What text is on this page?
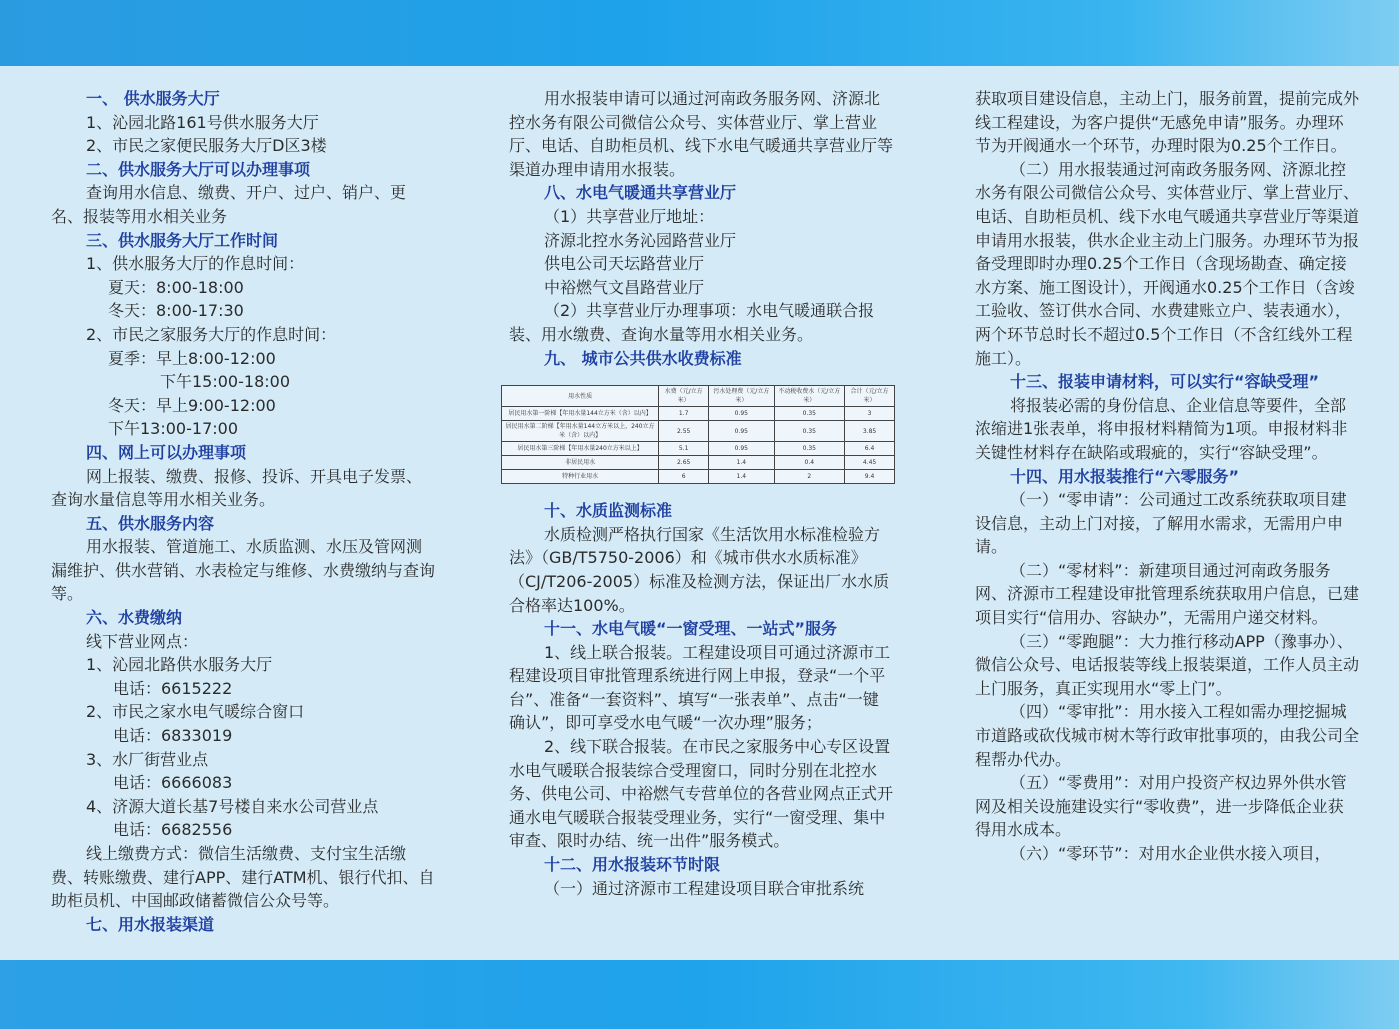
一、 供水服务大厅

1、沁园北路161号供水服务大厅

2、市民之家便民服务大厅D区3楼

二、供水服务大厅可以办理事项

查询用水信息、缴费、开户、过户、销户、更名、报装等用水相关业务

三、供水服务大厅工作时间

1、供水服务大厅的作息时间：

夏天：8:00-18:00

冬天：8:00-17:30

2、市民之家服务大厅的作息时间：

夏季：早上8:00-12:00

下午15:00-18:00

冬天：早上9:00-12:00

下午13:00-17:00

四、网上可以办理事项

网上报装、缴费、报修、投诉、开具电子发票、查询水量信息等用水相关业务。

五、供水服务内容

用水报装、管道施工、水质监测、水压及管网测漏维护、供水营销、水表检定与维修、水费缴纳与查询等。

六、水费缴纳

线下营业网点：

1、沁园北路供水服务大厅

电话：6615222

2、市民之家水电气暖综合窗口

电话：6833019

3、水厂街营业点

电话：6666083

4、济源大道长基7号楼自来水公司营业点

电话：6682556

线上缴费方式：微信生活缴费、支付宝生活缴费、转账缴费、建行APP、建行ATM机、银行代扣、自助柜员机、中国邮政储蓄微信公众号等。

七、用水报装渠道

用水报装申请可以通过河南政务服务网、济源北控水务有限公司微信公众号、实体营业厅、掌上营业厅、电话、自助柜员机、线下水电气暖通共享营业厅等渠道办理申请用水报装。

八、水电气暖通共享营业厅

（1）共享营业厅地址：

济源北控水务沁园路营业厅

供电公司天坛路营业厅

中裕燃气文昌路营业厅

（2）共享营业厅办理事项：水电气暖通联合报装、用水缴费、查询水量等用水相关业务。

九、 城市公共供水收费标准

用水性质	水费（元/立方米）	污水处理费（元/立方米）	不动税收费水（元/立方米）	合计（元/立方米）
居民用水第一阶梯【年用水量144立方米（含）以内】	1.7	0.95	0.35	3
居民用水第二阶梯【年用水量144立方米以上，240立方米（含）以内】	2.55	0.95	0.35	3.85
居民用水第三阶梯【年用水量240立方米以上】	5.1	0.95	0.35	6.4
非居民用水	2.65	1.4	0.4	4.45
特种行业用水	6	1.4	2	9.4

十、水质监测标准

水质检测严格执行国家《生活饮用水标准检验方法》（GB/T5750-2006）和《城市供水水质标准》（CJ/T206-2005）标准及检测方法，保证出厂水水质合格率达100%。

十一、水电气暖“一窗受理、一站式”服务

1、线上联合报装。工程建设项目可通过济源市工程建设项目审批管理系统进行网上申报，登录“一个平台”、准备“一套资料”、填写“一张表单”、点击“一键确认”，即可享受水电气暖“一次办理”服务；

2、线下联合报装。在市民之家服务中心专区设置水电气暖联合报装综合受理窗口，同时分别在北控水务、供电公司、中裕燃气专营单位的各营业网点正式开通水电气暖联合报装受理业务，实行“一窗受理、集中审查、限时办结、统一出件”服务模式。

十二、用水报装环节时限

（一）通过济源市工程建设项目联合审批系统

获取项目建设信息，主动上门，服务前置，提前完成外线工程建设，为客户提供“无感免申请”服务。办理环节为开阀通水一个环节，办理时限为0.25个工作日。

（二）用水报装通过河南政务服务网、济源北控水务有限公司微信公众号、实体营业厅、掌上营业厅、电话、自助柜员机、线下水电气暖通共享营业厅等渠道申请用水报装，供水企业主动上门服务。办理环节为报备受理即时办理0.25个工作日（含现场勘查、确定接水方案、施工图设计），开阀通水0.25个工作日（含竣工验收、签订供水合同、水费建账立户、装表通水），两个环节总时长不超过0.5个工作日（不含红线外工程施工）。

十三、报装申请材料，可以实行“容缺受理”

将报装必需的身份信息、企业信息等要件，全部浓缩进1张表单，将申报材料精简为1项。申报材料非关键性材料存在缺陷或瑕疵的，实行“容缺受理”。

十四、用水报装推行“六零服务”

（一）“零申请”：公司通过工改系统获取项目建设信息，主动上门对接，了解用水需求，无需用户申请。

（二）“零材料”：新建项目通过河南政务服务网、济源市工程建设审批管理系统获取用户信息，已建项目实行“信用办、容缺办”，无需用户递交材料。

（三）“零跑腿”：大力推行移动APP（豫事办）、微信公众号、电话报装等线上报装渠道，工作人员主动上门服务，真正实现用水“零上门”。

（四）“零审批”：用水接入工程如需办理挖掘城市道路或砍伐城市树木等行政审批事项的，由我公司全程帮办代办。

（五）“零费用”：对用户投资产权边界外供水管网及相关设施建设实行“零收费”，进一步降低企业获得用水成本。

（六）“零环节”：对用水企业供水接入项目，
